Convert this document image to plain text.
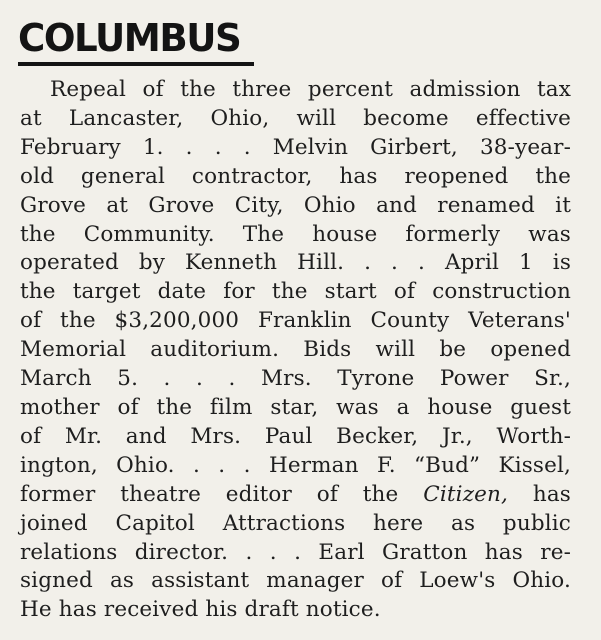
COLUMBUS
Repeal of the three percent admission tax
at Lancaster, Ohio, will become effective
February 1. . . . Melvin Girbert, 38-year-
old general contractor, has reopened the
Grove at Grove City, Ohio and renamed it
the Community. The house formerly was
operated by Kenneth Hill. . . . April 1 is
the target date for the start of construction
of the $3,200,000 Franklin County Veterans'
Memorial auditorium. Bids will be opened
March 5. . . . Mrs. Tyrone Power Sr.,
mother of the film star, was a house guest
of Mr. and Mrs. Paul Becker, Jr., Worth-
ington, Ohio. . . . Herman F. “Bud” Kissel,
former theatre editor of the Citizen, has
joined Capitol Attractions here as public
relations director. . . . Earl Gratton has re-
signed as assistant manager of Loew's Ohio.
He has received his draft notice.
